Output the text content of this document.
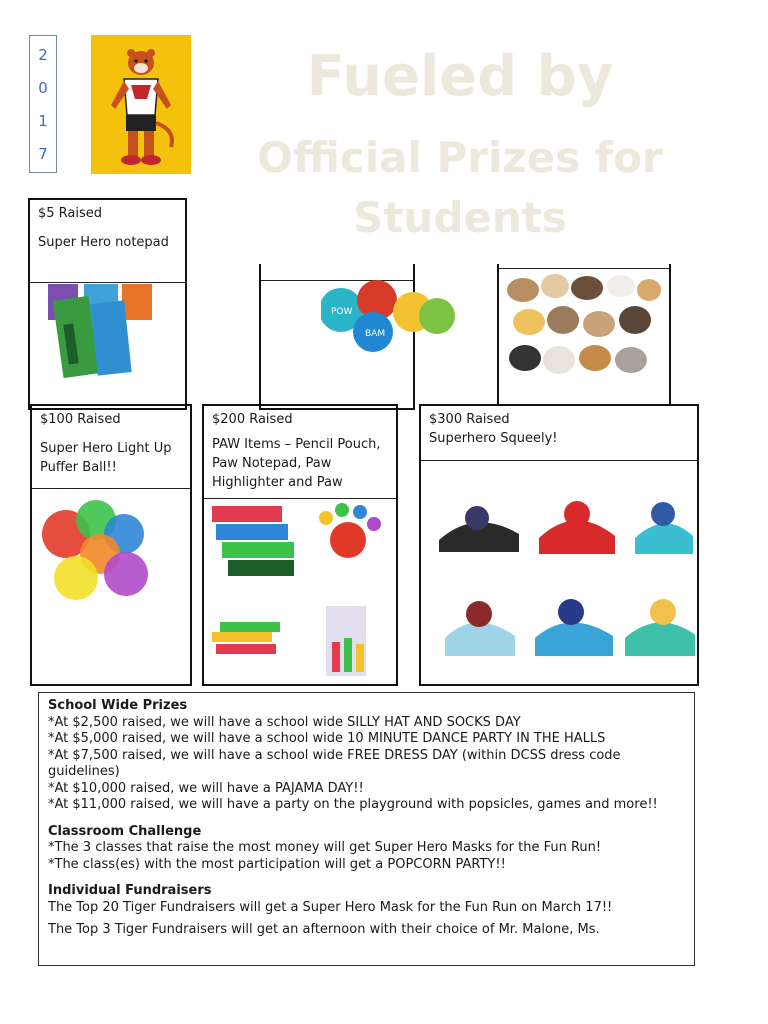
2
0
1
7
Fueled by
Official Prizes for Students
$5 Raised
Super Hero notepad
POW
BAM
$100 Raised
Super Hero Light Up Puffer Ball!!
$200 Raised
PAW Items – Pencil Pouch, Paw Notepad, Paw Highlighter and Paw
$300 Raised
Superhero Squeely!
School Wide Prizes

*At $2,500 raised, we will have a school wide SILLY HAT AND SOCKS DAY

*At $5,000 raised, we will have a school wide 10 MINUTE DANCE PARTY IN THE HALLS

*At $7,500 raised, we will have a school wide FREE DRESS DAY (within DCSS dress code guidelines)

*At $10,000 raised, we will have a PAJAMA DAY!!

*At $11,000 raised, we will have a party on the playground with popsicles, games and more!!

Classroom Challenge

*The 3 classes that raise the most money will get Super Hero Masks for the Fun Run!

*The class(es) with the most participation will get a POPCORN PARTY!!

Individual Fundraisers

The Top 20 Tiger Fundraisers will get a Super Hero Mask for the Fun Run on March 17!!

The Top 3 Tiger Fundraisers will get an afternoon with their choice of Mr. Malone, Ms.
